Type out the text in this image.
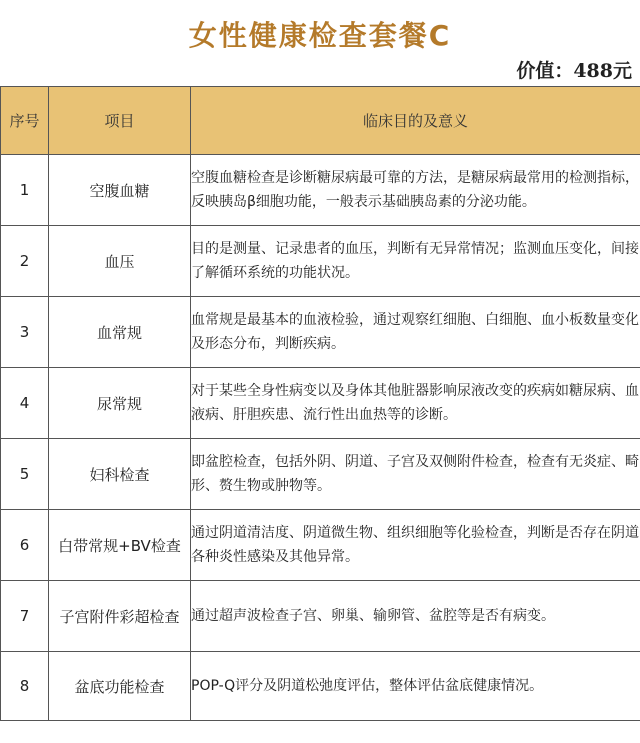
女性健康检查套餐C
价值：488元
序号	项目	临床目的及意义
1	空腹血糖	空腹血糖检查是诊断糖尿病最可靠的方法，是糖尿病最常用的检测指标，反映胰岛β细胞功能，一般表示基础胰岛素的分泌功能。
2	血压	目的是测量、记录患者的血压，判断有无异常情况；监测血压变化，间接了解循环系统的功能状况。
3	血常规	血常规是最基本的血液检验，通过观察红细胞、白细胞、血小板数量变化及形态分布，判断疾病。
4	尿常规	对于某些全身性病变以及身体其他脏器影响尿液改变的疾病如糖尿病、血液病、肝胆疾患、流行性出血热等的诊断。
5	妇科检查	即盆腔检查，包括外阴、阴道、子宫及双侧附件检查，检查有无炎症、畸形、赘生物或肿物等。
6	白带常规+BV检查	通过阴道清洁度、阴道微生物、组织细胞等化验检查，判断是否存在阴道各种炎性感染及其他异常。
7	子宫附件彩超检查	通过超声波检查子宫、卵巢、输卵管、盆腔等是否有病变。
8	盆底功能检查	POP-Q评分及阴道松弛度评估，整体评估盆底健康情况。
